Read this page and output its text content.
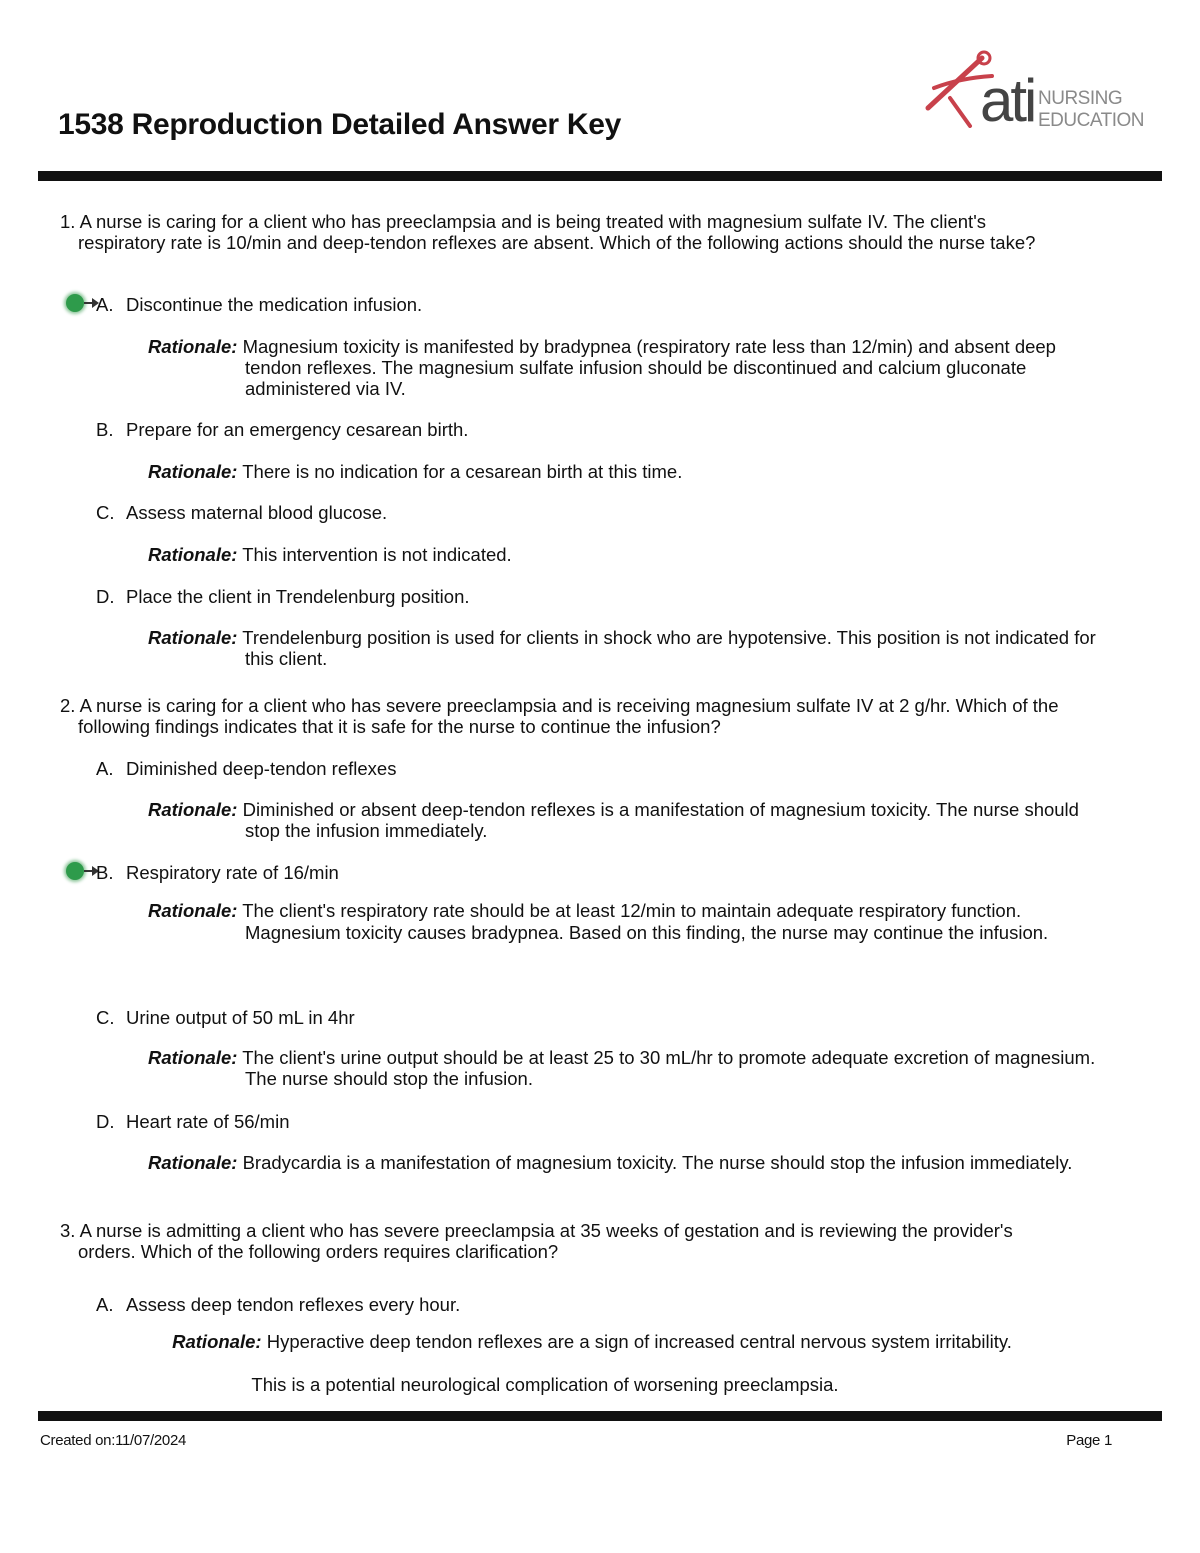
1538 Reproduction Detailed Answer Key	ati NURSING
EDUCATION
1. A nurse is caring for a client who has preeclampsia and is being treated with magnesium sulfate IV. The client's respiratory rate is 10/min and deep-tendon reflexes are absent. Which of the following actions should the nurse take?
A. Discontinue the medication infusion.
Rationale: Magnesium toxicity is manifested by bradypnea (respiratory rate less than 12/min) and absent deep tendon reflexes. The magnesium sulfate infusion should be discontinued and calcium gluconate administered via IV.
B. Prepare for an emergency cesarean birth.
Rationale: There is no indication for a cesarean birth at this time.
C. Assess maternal blood glucose.
Rationale: This intervention is not indicated.
D. Place the client in Trendelenburg position.
Rationale: Trendelenburg position is used for clients in shock who are hypotensive. This position is not indicated for this client.
2. A nurse is caring for a client who has severe preeclampsia and is receiving magnesium sulfate IV at 2 g/hr. Which of the following findings indicates that it is safe for the nurse to continue the infusion?
A. Diminished deep-tendon reflexes
Rationale: Diminished or absent deep-tendon reflexes is a manifestation of magnesium toxicity. The nurse should stop the infusion immediately.
B. Respiratory rate of 16/min
Rationale: The client's respiratory rate should be at least 12/min to maintain adequate respiratory function.
Magnesium toxicity causes bradypnea. Based on this finding, the nurse may continue the infusion.
C. Urine output of 50 mL in 4hr
Rationale: The client's urine output should be at least 25 to 30 mL/hr to promote adequate excretion of magnesium. The nurse should stop the infusion.
D. Heart rate of 56/min
Rationale: Bradycardia is a manifestation of magnesium toxicity. The nurse should stop the infusion immediately.
3. A nurse is admitting a client who has severe preeclampsia at 35 weeks of gestation and is reviewing the provider's orders. Which of the following orders requires clarification?
A. Assess deep tendon reflexes every hour.
Rationale: Hyperactive deep tendon reflexes are a sign of increased central nervous system irritability.
This is a potential neurological complication of worsening preeclampsia.
Created on:11/07/2024	Page 1
